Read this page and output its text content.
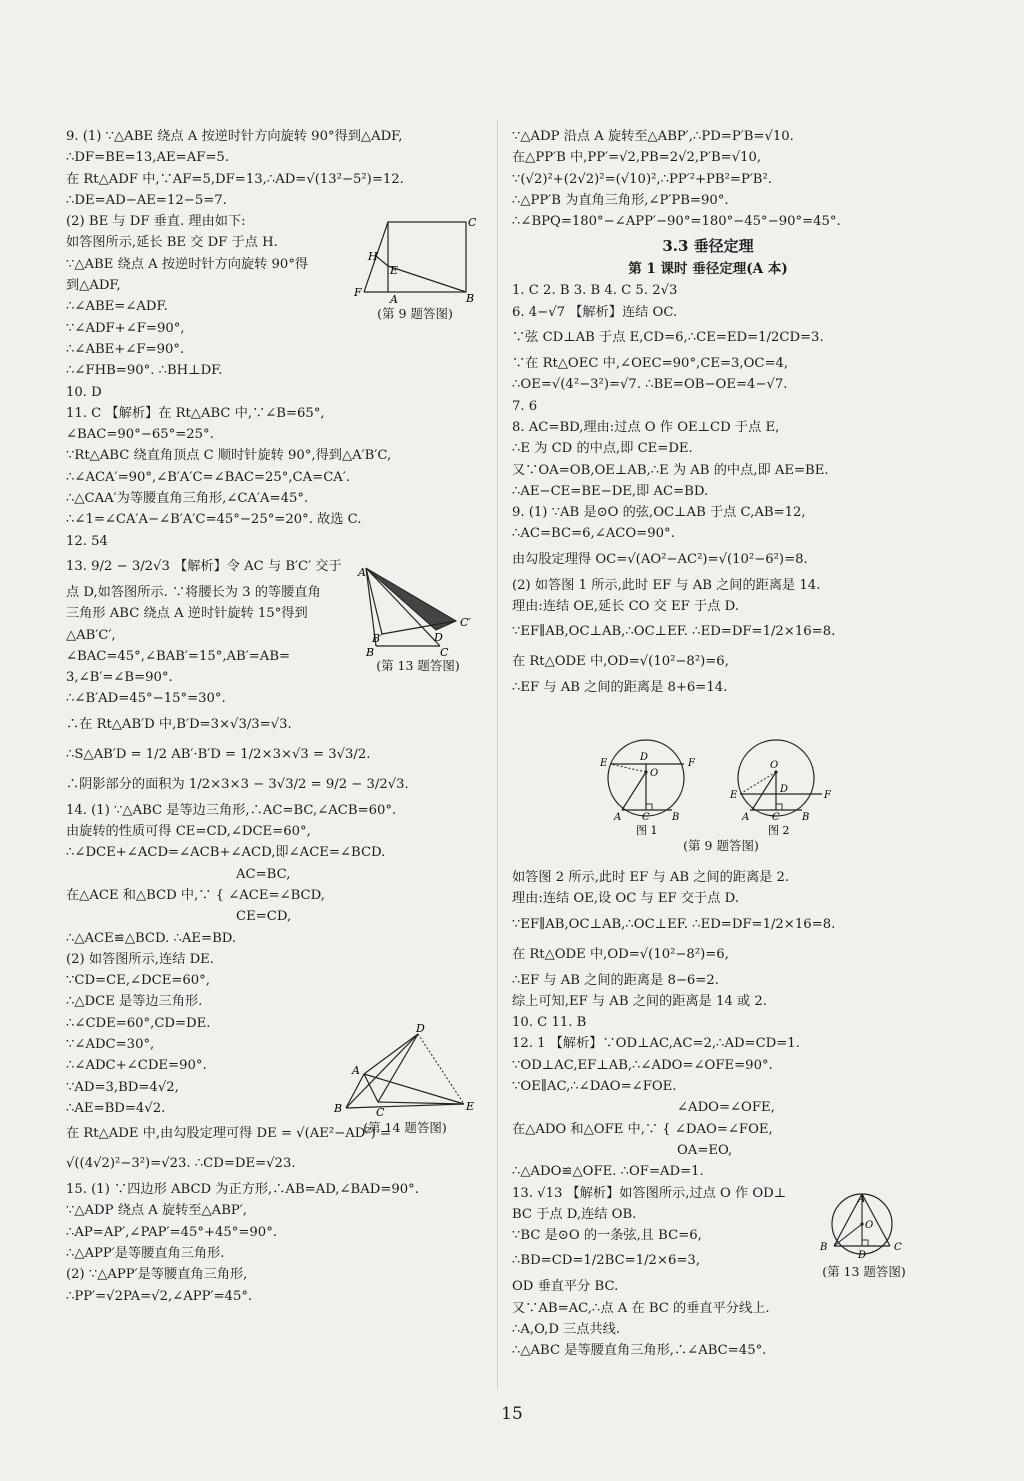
9. (1) ∵△ABE 绕点 A 按逆时针方向旋转 90°得到△ADF,
∴DF=BE=13,AE=AF=5.
在 Rt△ADF 中,∵AF=5,DF=13,∴AD=√(13²−5²)=12.
∴DE=AD−AE=12−5=7.
(2) BE 与 DF 垂直. 理由如下:
如答图所示,延长 BE 交 DF 于点 H.
∵△ABE 绕点 A 按逆时针方向旋转 90°得
到△ADF,
∴∠ABE=∠ADF.
∵∠ADF+∠F=90°,
∴∠ABE+∠F=90°.
∴∠FHB=90°. ∴BH⊥DF.
10. D
11. C 【解析】在 Rt△ABC 中,∵∠B=65°,
∠BAC=90°−65°=25°.
∵Rt△ABC 绕直角顶点 C 顺时针旋转 90°,得到△A′B′C,
∴∠ACA′=90°,∠B′A′C=∠BAC=25°,CA=CA′.
∴△CAA′为等腰直角三角形,∠CA′A=45°.
∴∠1=∠CA′A−∠B′A′C=45°−25°=20°. 故选 C.
12. 54
13. 9/2 − 3/2√3 【解析】令 AC 与 B′C′ 交于
点 D,如答图所示. ∵将腰长为 3 的等腰直角
三角形 ABC 绕点 A 逆时针旋转 15°得到
△AB′C′,
∠BAC=45°,∠BAB′=15°,AB′=AB=
3,∠B′=∠B=90°.
∴∠B′AD=45°−15°=30°.
∴在 Rt△AB′D 中,B′D=3×√3/3=√3.
∴S△AB′D = 1/2 AB′·B′D = 1/2×3×√3 = 3√3/2.
∴阴影部分的面积为 1/2×3×3 − 3√3/2 = 9/2 − 3/2√3.
14. (1) ∵△ABC 是等边三角形,∴AC=BC,∠ACB=60°.
由旋转的性质可得 CE=CD,∠DCE=60°,
∴∠DCE+∠ACD=∠ACB+∠ACD,即∠ACE=∠BCD.
AC=BC,
在△ACE 和△BCD 中,∵ { ∠ACE=∠BCD,
CE=CD,
∴△ACE≌△BCD. ∴AE=BD.
(2) 如答图所示,连结 DE.
∵CD=CE,∠DCE=60°,
∴△DCE 是等边三角形.
∴∠CDE=60°,CD=DE.
∵∠ADC=30°,
∴∠ADC+∠CDE=90°.
∵AD=3,BD=4√2,
∴AE=BD=4√2.
在 Rt△ADE 中,由勾股定理可得 DE = √(AE²−AD²) =
√((4√2)²−3²)=√23. ∴CD=DE=√23.
15. (1) ∵四边形 ABCD 为正方形,∴AB=AD,∠BAD=90°.
∵△ADP 绕点 A 旋转至△ABP′,
∴AP=AP′,∠PAP′=45°+45°=90°.
∴△APP′是等腰直角三角形.
(2) ∵△APP′是等腰直角三角形,
∴PP′=√2PA=√2,∠APP′=45°.
∵△ADP 沿点 A 旋转至△ABP′,∴PD=P′B=√10.
在△PP′B 中,PP′=√2,PB=2√2,P′B=√10,
∵(√2)²+(2√2)²=(√10)²,∴PP′²+PB²=P′B².
∴△PP′B 为直角三角形,∠P′PB=90°.
∴∠BPQ=180°−∠APP′−90°=180°−45°−90°=45°.
3.3 垂径定理
第 1 课时 垂径定理(A 本)
1. C 2. B 3. B 4. C 5. 2√3
6. 4−√7 【解析】连结 OC.
∵弦 CD⊥AB 于点 E,CD=6,∴CE=ED=1/2CD=3.
∵在 Rt△OEC 中,∠OEC=90°,CE=3,OC=4,
∴OE=√(4²−3²)=√7. ∴BE=OB−OE=4−√7.
7. 6
8. AC=BD,理由:过点 O 作 OE⊥CD 于点 E,
∴E 为 CD 的中点,即 CE=DE.
又∵OA=OB,OE⊥AB,∴E 为 AB 的中点,即 AE=BE.
∴AE−CE=BE−DE,即 AC=BD.
9. (1) ∵AB 是⊙O 的弦,OC⊥AB 于点 C,AB=12,
∴AC=BC=6,∠ACO=90°.
由勾股定理得 OC=√(AO²−AC²)=√(10²−6²)=8.
(2) 如答图 1 所示,此时 EF 与 AB 之间的距离是 14.
理由:连结 OE,延长 CO 交 EF 于点 D.
∵EF∥AB,OC⊥AB,∴OC⊥EF. ∴ED=DF=1/2×16=8.
在 Rt△ODE 中,OD=√(10²−8²)=6,
∴EF 与 AB 之间的距离是 8+6=14.
如答图 2 所示,此时 EF 与 AB 之间的距离是 2.
理由:连结 OE,设 OC 与 EF 交于点 D.
∵EF∥AB,OC⊥AB,∴OC⊥EF. ∴ED=DF=1/2×16=8.
在 Rt△ODE 中,OD=√(10²−8²)=6,
∴EF 与 AB 之间的距离是 8−6=2.
综上可知,EF 与 AB 之间的距离是 14 或 2.
10. C 11. B
12. 1 【解析】∵OD⊥AC,AC=2,∴AD=CD=1.
∵OD⊥AC,EF⊥AB,∴∠ADO=∠OFE=90°.
∵OE∥AC,∴∠DAO=∠FOE.
∠ADO=∠OFE,
在△ADO 和△OFE 中,∵ { ∠DAO=∠FOE,
OA=EO,
∴△ADO≌△OFE. ∴OF=AD=1.
13. √13 【解析】如答图所示,过点 O 作 OD⊥
BC 于点 D,连结 OB.
∵BC 是⊙O 的一条弦,且 BC=6,
∴BD=CD=1/2BC=1/2×6=3,
OD 垂直平分 BC.
又∵AB=AC,∴点 A 在 BC 的垂直平分线上.
∴A,O,D 三点共线.
∴△ABC 是等腰直角三角形,∴∠ABC=45°.
H
C
E
F
A	B
(第 9 题答图)
A
D
C′
B′
B	C
(第 13 题答图)
D
A
B	C	E
(第 14 题答图)
D
E	F
O
A C B
图 1
O
E
D
F
A C B
图 2
(第 9 题答图)
A
O
B
D
C
(第 13 题答图)
15
